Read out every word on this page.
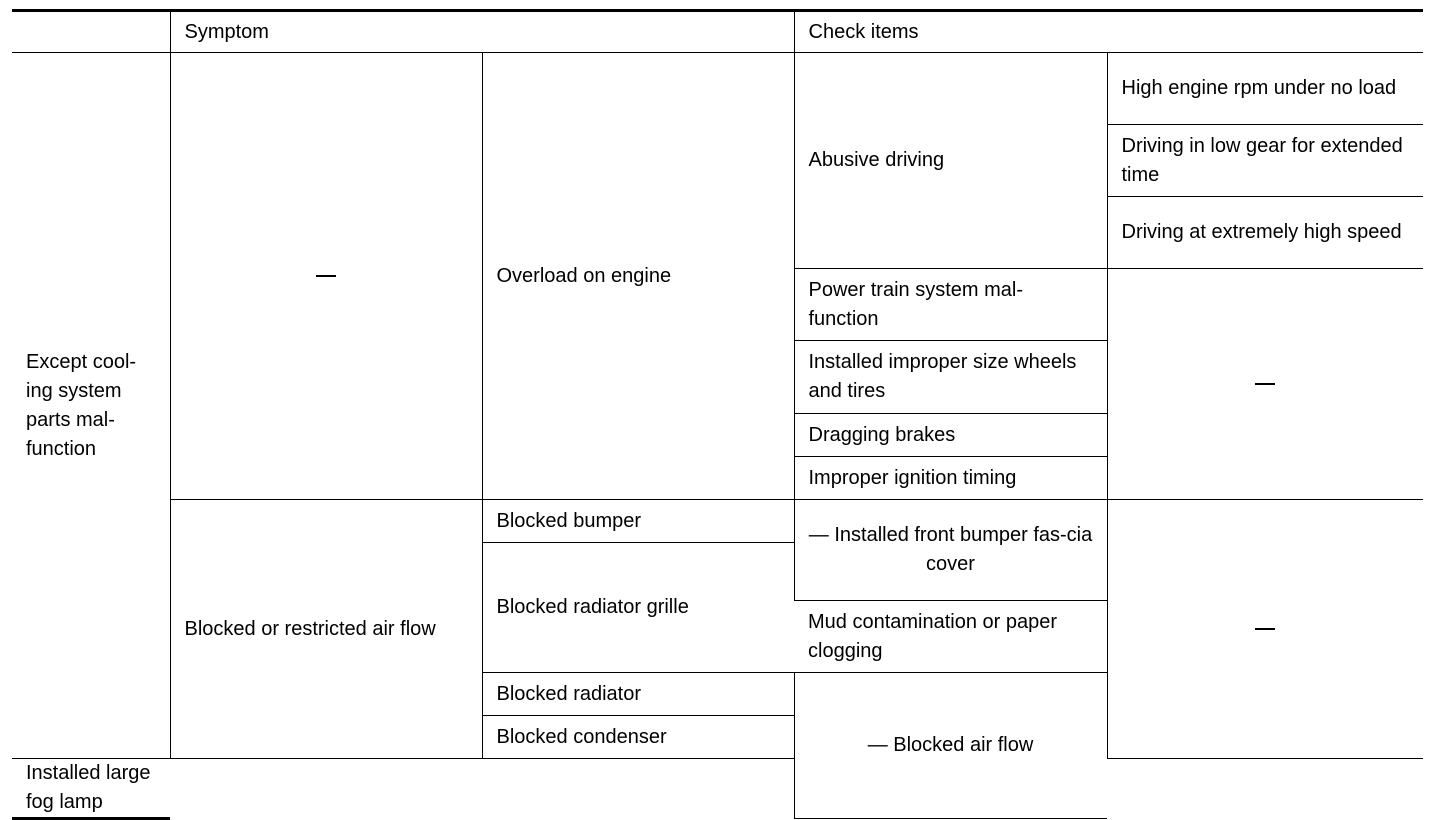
	Symptom		Check items	
Except cool-ing system parts mal-function		Overload on engine	Abusive driving	High engine rpm under no load
				Driving in low gear for extended time
				Driving at extremely high speed
			Power train system mal-function	
			Installed improper size wheels and tires	
			Dragging brakes	
			Improper ignition timing	
	Blocked or restricted air flow	Blocked bumper	— Installed front bumper fas-cia cover	

		Blocked radiator grille		
			Mud contamination or paper clogging	
		Blocked radiator	— Blocked air flow	

		Blocked condenser		
Installed large fog lamp				
